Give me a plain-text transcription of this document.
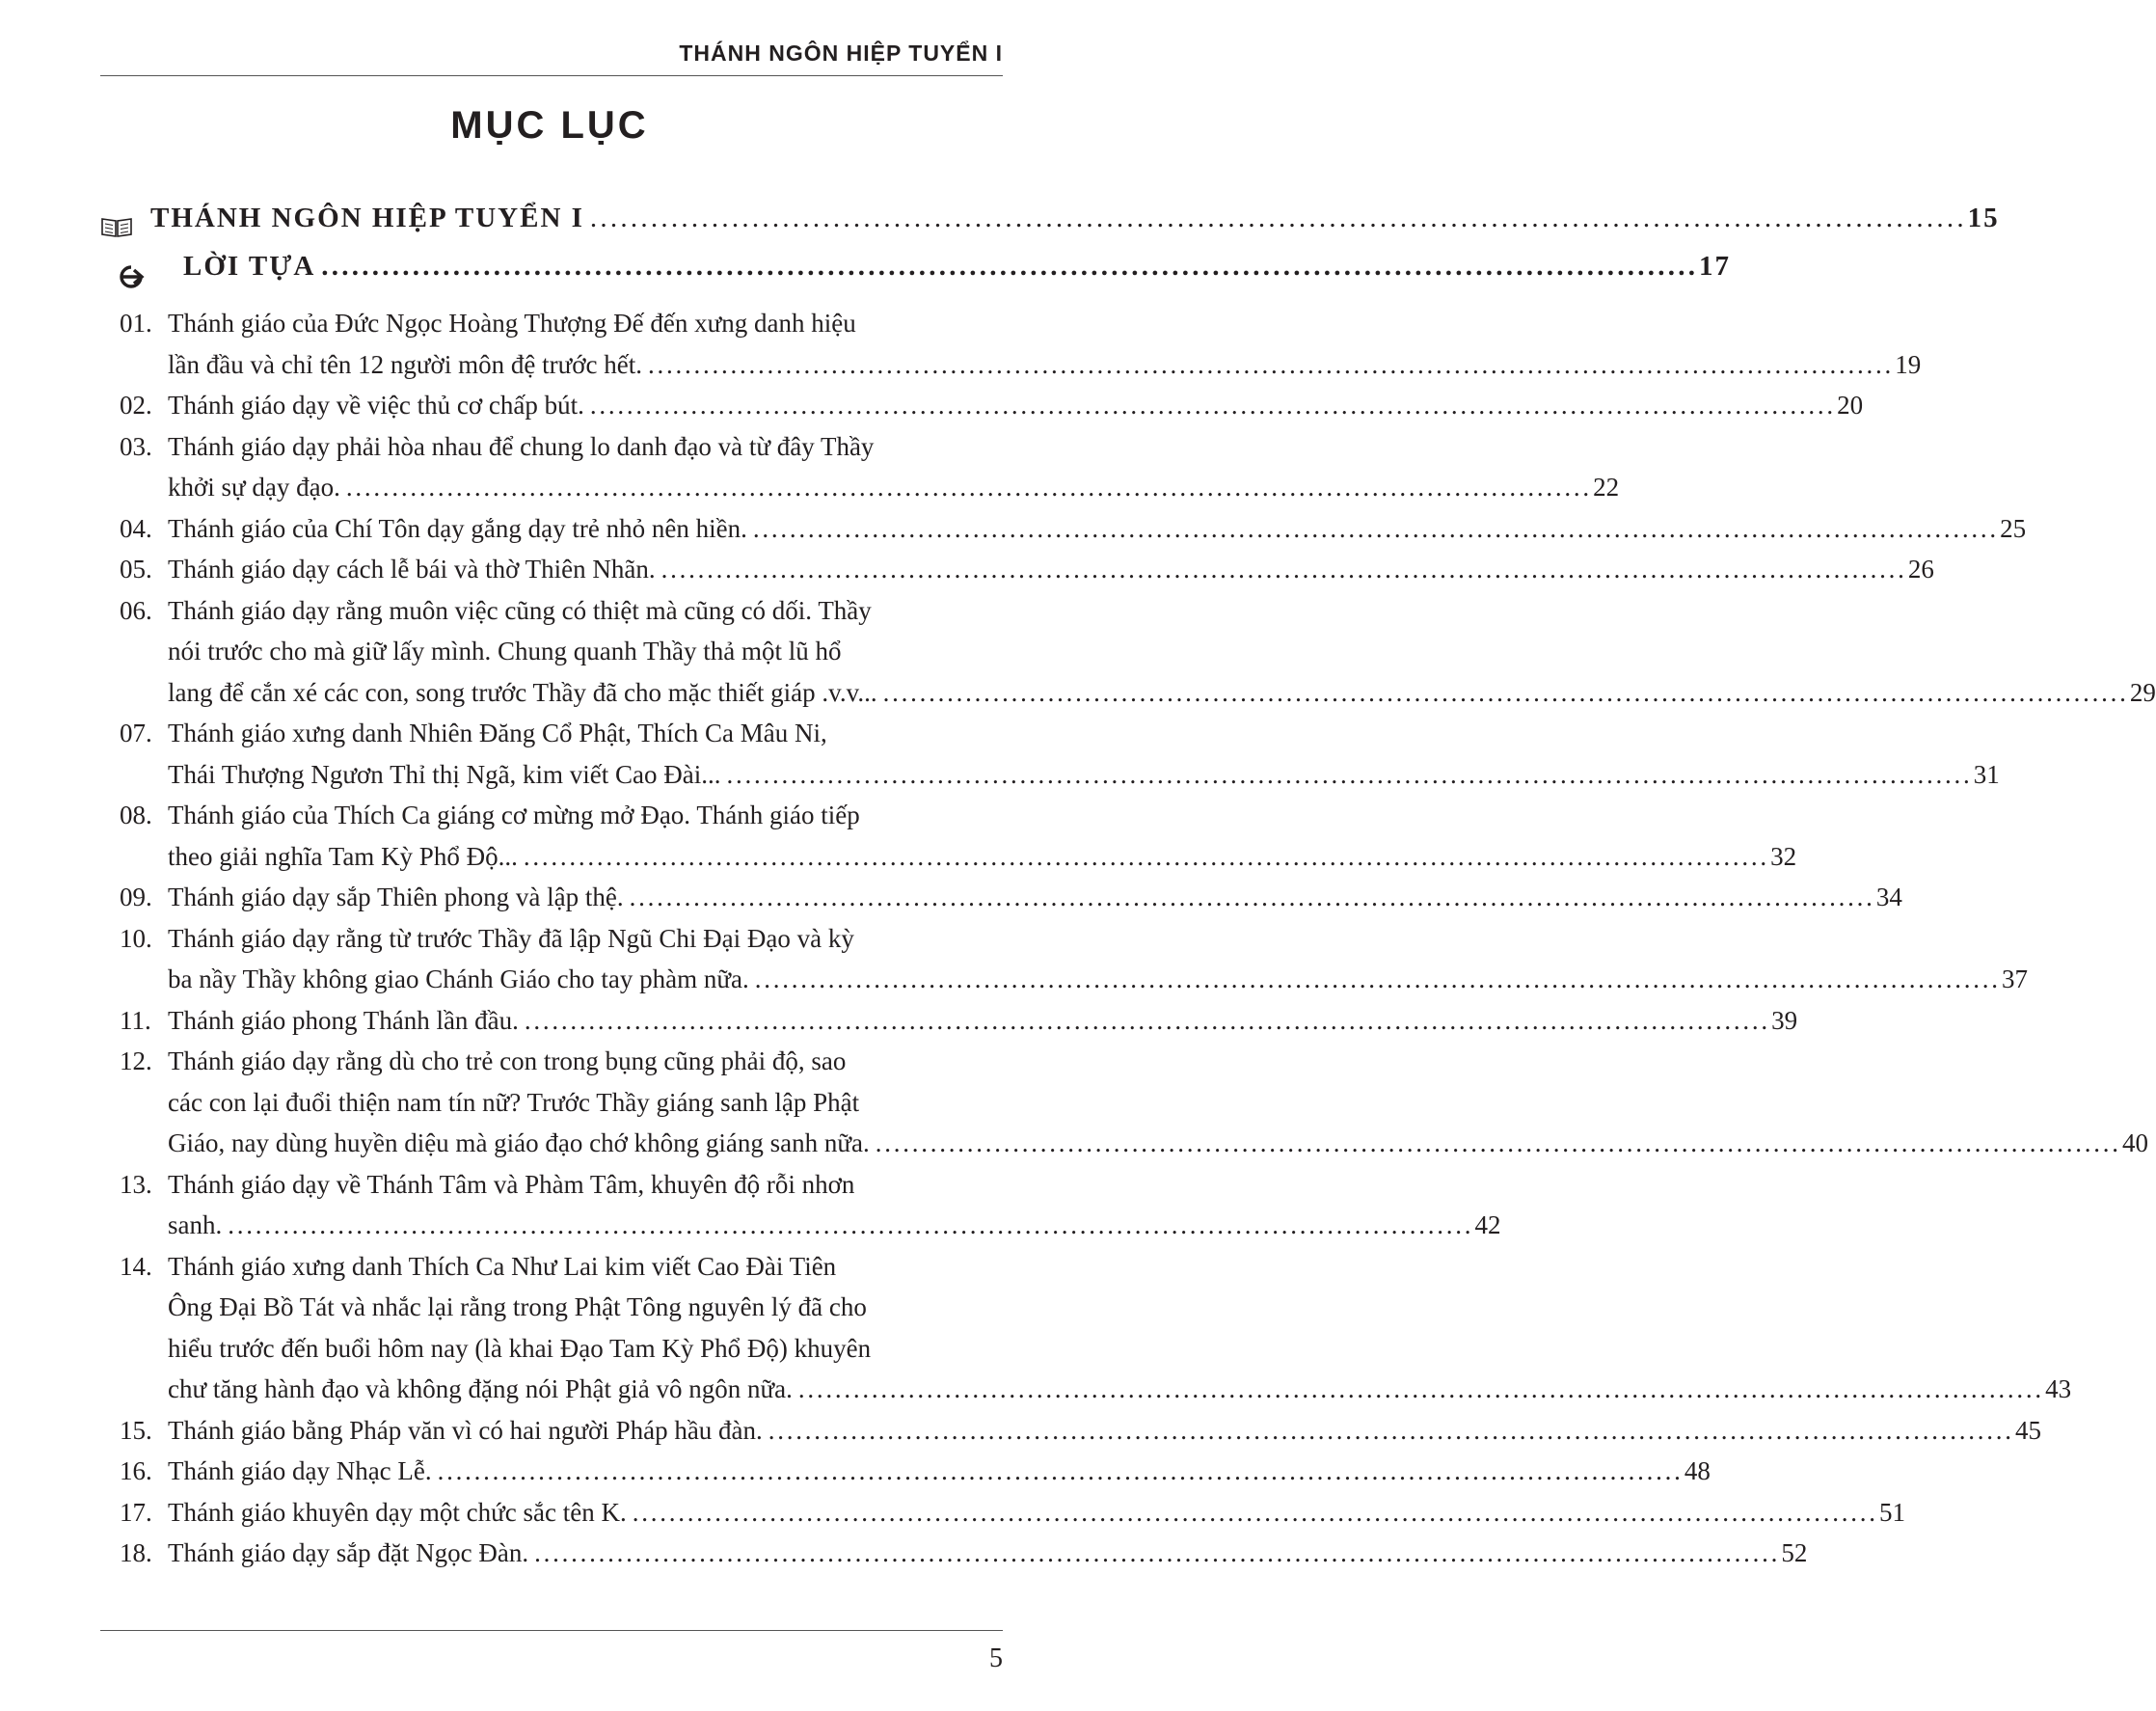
THÁNH NGÔN HIỆP TUYỂN I
MỤC LỤC
THÁNH NGÔN HIỆP TUYỂN I . . .	15
LỜI TỰA . . .	17
01. Thánh giáo của Đức Ngọc Hoàng Thượng Đế đến xưng danh hiệu
lần đầu và chỉ tên 12 người môn đệ trước hết. . . .	19
02. Thánh giáo dạy về việc thủ cơ chấp bút. . . .	20
03. Thánh giáo dạy phải hòa nhau để chung lo danh đạo và từ đây Thầy
khởi sự dạy đạo. . . .	22
04. Thánh giáo của Chí Tôn dạy gắng dạy trẻ nhỏ nên hiền. . . .	25
05. Thánh giáo dạy cách lễ bái và thờ Thiên Nhãn. . . .	26
06. Thánh giáo dạy rằng muôn việc cũng có thiệt mà cũng có dối. Thầy
nói trước cho mà giữ lấy mình. Chung quanh Thầy thả một lũ hổ
lang để cắn xé các con, song trước Thầy đã cho mặc thiết giáp .v.v... . . .	29
07. Thánh giáo xưng danh Nhiên Đăng Cổ Phật, Thích Ca Mâu Ni,
Thái Thượng Ngươn Thỉ thị Ngã, kim viết Cao Đài... . . .	31
08. Thánh giáo của Thích Ca giáng cơ mừng mở Đạo. Thánh giáo tiếp
theo giải nghĩa Tam Kỳ Phổ Độ... . . .	32
09. Thánh giáo dạy sắp Thiên phong và lập thệ. . . .	34
10. Thánh giáo dạy rằng từ trước Thầy đã lập Ngũ Chi Đại Đạo và kỳ
ba nầy Thầy không giao Chánh Giáo cho tay phàm nữa. . . .	37
11. Thánh giáo phong Thánh lần đầu. . . .	39
12. Thánh giáo dạy rằng dù cho trẻ con trong bụng cũng phải độ, sao
các con lại đuổi thiện nam tín nữ? Trước Thầy giáng sanh lập Phật
Giáo, nay dùng huyền diệu mà giáo đạo chớ không giáng sanh nữa. . . .	40
13. Thánh giáo dạy về Thánh Tâm và Phàm Tâm, khuyên độ rỗi nhơn
sanh. . . .	42
14. Thánh giáo xưng danh Thích Ca Như Lai kim viết Cao Đài Tiên
Ông Đại Bồ Tát và nhắc lại rằng trong Phật Tông nguyên lý đã cho
hiểu trước đến buổi hôm nay (là khai Đạo Tam Kỳ Phổ Độ) khuyên
chư tăng hành đạo và không đặng nói Phật giả vô ngôn nữa. . . .	43
15. Thánh giáo bằng Pháp văn vì có hai người Pháp hầu đàn. . . .	45
16. Thánh giáo dạy Nhạc Lễ. . . .	48
17. Thánh giáo khuyên dạy một chức sắc tên K. . . .	51
18. Thánh giáo dạy sắp đặt Ngọc Đàn. . . .	52
5
